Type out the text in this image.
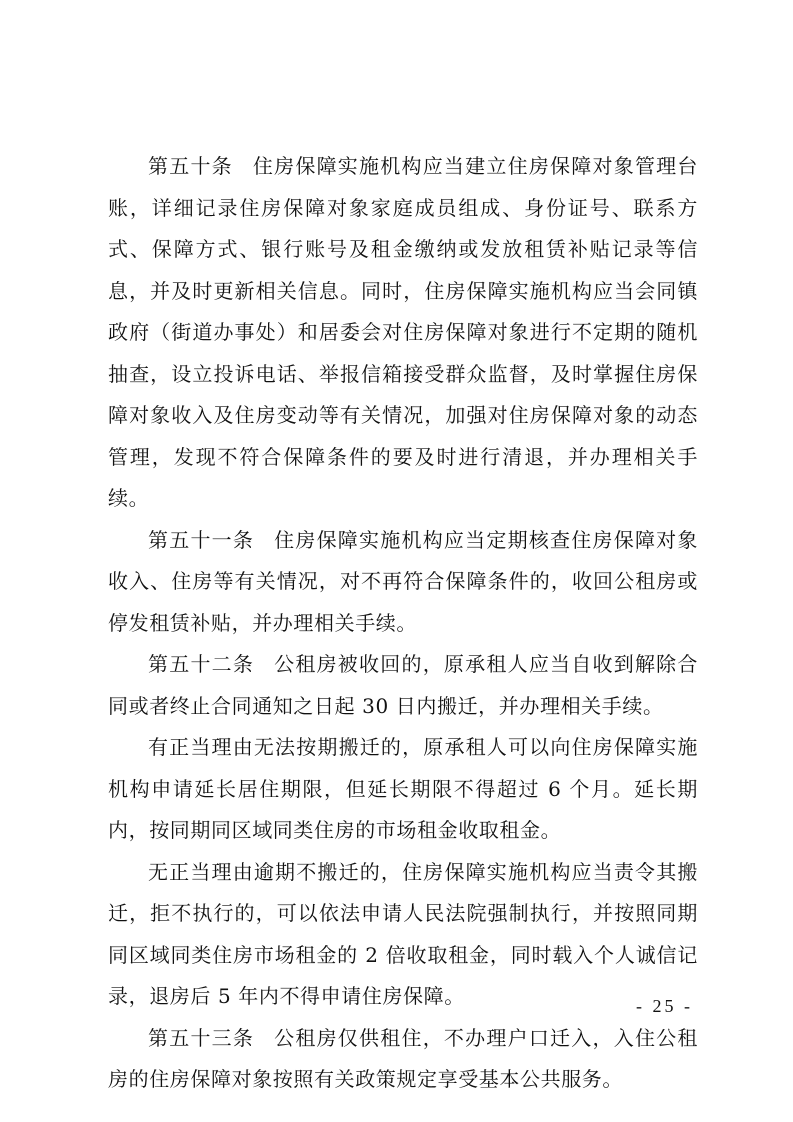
第五十条 住房保障实施机构应当建立住房保障对象管理台账，详细记录住房保障对象家庭成员组成、身份证号、联系方式、保障方式、银行账号及租金缴纳或发放租赁补贴记录等信息，并及时更新相关信息。同时，住房保障实施机构应当会同镇政府（街道办事处）和居委会对住房保障对象进行不定期的随机抽查，设立投诉电话、举报信箱接受群众监督，及时掌握住房保障对象收入及住房变动等有关情况，加强对住房保障对象的动态管理，发现不符合保障条件的要及时进行清退，并办理相关手续。

第五十一条 住房保障实施机构应当定期核查住房保障对象收入、住房等有关情况，对不再符合保障条件的，收回公租房或停发租赁补贴，并办理相关手续。

第五十二条 公租房被收回的，原承租人应当自收到解除合同或者终止合同通知之日起 30 日内搬迁，并办理相关手续。

有正当理由无法按期搬迁的，原承租人可以向住房保障实施机构申请延长居住期限，但延长期限不得超过 6 个月。延长期内，按同期同区域同类住房的市场租金收取租金。

无正当理由逾期不搬迁的，住房保障实施机构应当责令其搬迁，拒不执行的，可以依法申请人民法院强制执行，并按照同期同区域同类住房市场租金的 2 倍收取租金，同时载入个人诚信记录，退房后 5 年内不得申请住房保障。

第五十三条 公租房仅供租住，不办理户口迁入，入住公租房的住房保障对象按照有关政策规定享受基本公共服务。

- 25 -
